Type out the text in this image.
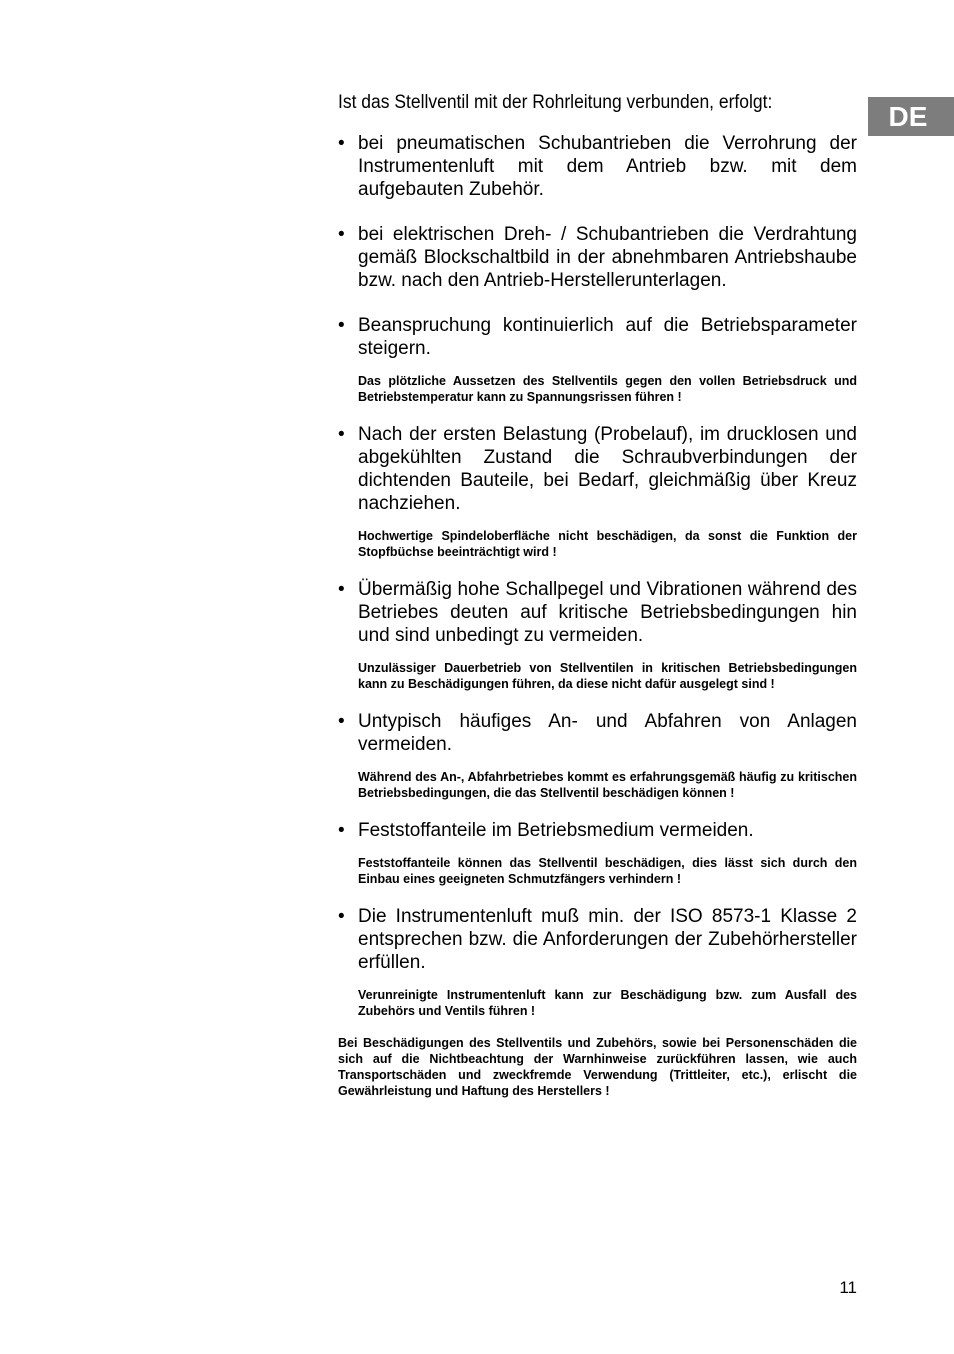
DE

Ist das Stellventil mit der Rohrleitung verbunden, erfolgt:

• bei pneumatischen Schubantrieben die Verrohrung der Instrumentenluft mit dem Antrieb bzw. mit dem aufgebauten Zubehör.
• bei elektrischen Dreh- / Schubantrieben die Verdrahtung gemäß Blockschaltbild in der abnehmbaren Antriebshaube bzw. nach den Antrieb-Herstellerunterlagen.
• Beanspruchung kontinuierlich auf die Betriebsparameter steigern.

Das plötzliche Aussetzen des Stellventils gegen den vollen Betriebsdruck und Betriebstemperatur kann zu Spannungsrissen führen !

• Nach der ersten Belastung (Probelauf), im drucklosen und abgekühlten Zustand die Schraubverbindungen der dichtenden Bauteile, bei Bedarf, gleichmäßig über Kreuz nachziehen.

Hochwertige Spindeloberfläche nicht beschädigen, da sonst die Funktion der Stopfbüchse beeinträchtigt wird !

• Übermäßig hohe Schallpegel und Vibrationen während des Betriebes deuten auf kritische Betriebsbedingungen hin und sind unbedingt zu vermeiden.

Unzulässiger Dauerbetrieb von Stellventilen in kritischen Betriebsbedingungen kann zu Beschädigungen führen, da diese nicht dafür ausgelegt sind !

• Untypisch häufiges An- und Abfahren von Anlagen vermeiden.

Während des An-, Abfahrbetriebes kommt es erfahrungsgemäß häufig zu kritischen Betriebsbedingungen, die das Stellventil beschädigen können !

• Feststoffanteile im Betriebsmedium vermeiden.

Feststoffanteile können das Stellventil beschädigen, dies lässt sich durch den Einbau eines geeigneten Schmutzfängers verhindern !

• Die Instrumentenluft muß min. der ISO 8573-1 Klasse 2 entsprechen bzw. die Anforderungen der Zubehörhersteller erfüllen.

Verunreinigte Instrumentenluft kann zur Beschädigung bzw. zum Ausfall des Zubehörs und Ventils führen !

Bei Beschädigungen des Stellventils und Zubehörs, sowie bei Personenschäden die sich auf die Nichtbeachtung der Warnhinweise zurückführen lassen, wie auch Transportschäden und zweckfremde Verwendung (Trittleiter, etc.), erlischt die Gewährleistung und Haftung des Herstellers !

11
